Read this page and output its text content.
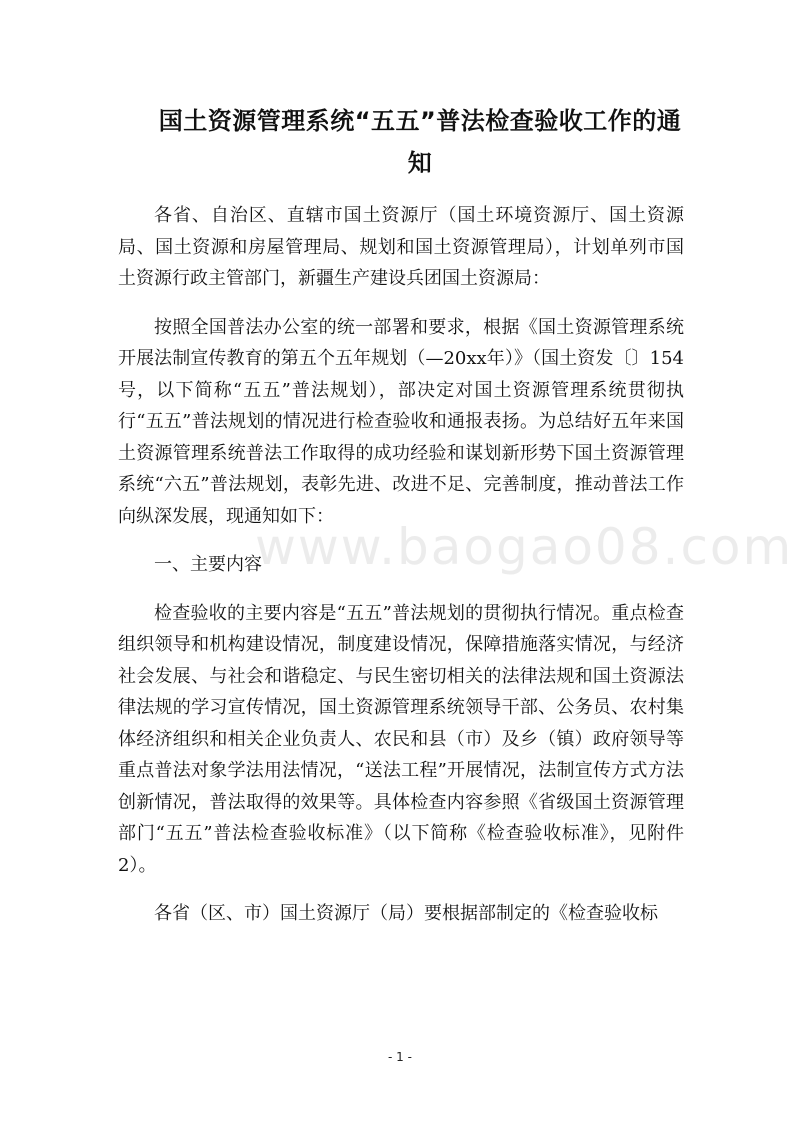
国土资源管理系统“五五”普法检查验收工作的通知

各省、自治区、直辖市国土资源厅（国土环境资源厅、国土资源局、国土资源和房屋管理局、规划和国土资源管理局），计划单列市国土资源行政主管部门，新疆生产建设兵团国土资源局：

按照全国普法办公室的统一部署和要求，根据《国土资源管理系统开展法制宣传教育的第五个五年规划（—20xx年）》（国土资发〔〕154号，以下简称“五五”普法规划），部决定对国土资源管理系统贯彻执行“五五”普法规划的情况进行检查验收和通报表扬。为总结好五年来国土资源管理系统普法工作取得的成功经验和谋划新形势下国土资源管理系统“六五”普法规划，表彰先进、改进不足、完善制度，推动普法工作向纵深发展，现通知如下：

一、主要内容

检查验收的主要内容是“五五”普法规划的贯彻执行情况。重点检查组织领导和机构建设情况，制度建设情况，保障措施落实情况，与经济社会发展、与社会和谐稳定、与民生密切相关的法律法规和国土资源法律法规的学习宣传情况，国土资源管理系统领导干部、公务员、农村集体经济组织和相关企业负责人、农民和县（市）及乡（镇）政府领导等重点普法对象学法用法情况，“送法工程”开展情况，法制宣传方式方法创新情况，普法取得的效果等。具体检查内容参照《省级国土资源管理部门“五五”普法检查验收标准》（以下简称《检查验收标准》，见附件2）。

各省（区、市）国土资源厅（局）要根据部制定的《检查验收标

www.baogao08.com
- 1 -
